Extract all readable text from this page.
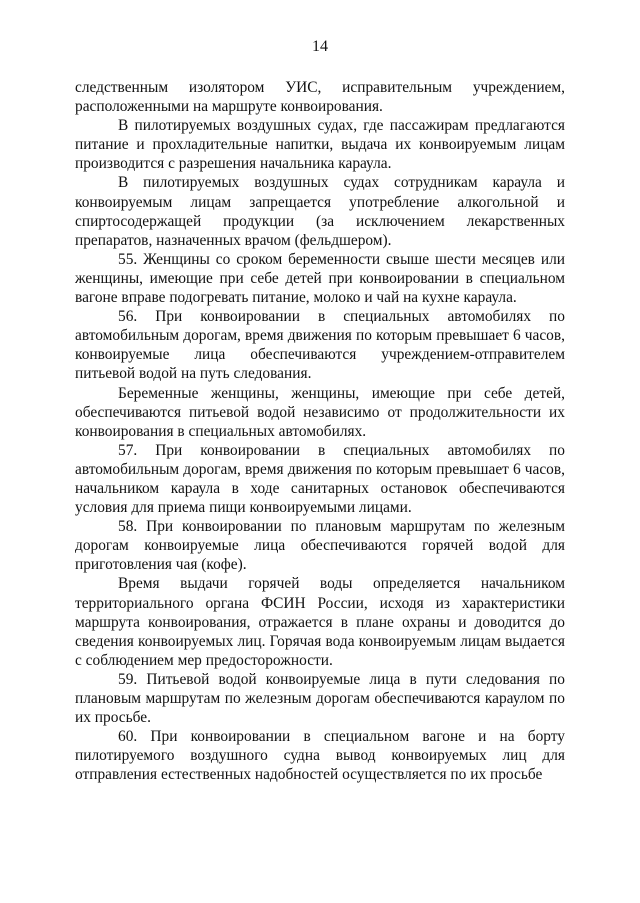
14

следственным изолятором УИС, исправительным учреждением, расположенными на маршруте конвоирования.

В пилотируемых воздушных судах, где пассажирам предлагаются питание и прохладительные напитки, выдача их конвоируемым лицам производится с разрешения начальника караула.

В пилотируемых воздушных судах сотрудникам караула и конвоируемым лицам запрещается употребление алкогольной и спиртосодержащей продукции (за исключением лекарственных препаратов, назначенных врачом (фельдшером).

55. Женщины со сроком беременности свыше шести месяцев или женщины, имеющие при себе детей при конвоировании в специальном вагоне вправе подогревать питание, молоко и чай на кухне караула.

56. При конвоировании в специальных автомобилях по автомобильным дорогам, время движения по которым превышает 6 часов, конвоируемые лица обеспечиваются учреждением-отправителем питьевой водой на путь следования.

Беременные женщины, женщины, имеющие при себе детей, обеспечиваются питьевой водой независимо от продолжительности их конвоирования в специальных автомобилях.

57. При конвоировании в специальных автомобилях по автомобильным дорогам, время движения по которым превышает 6 часов, начальником караула в ходе санитарных остановок обеспечиваются условия для приема пищи конвоируемыми лицами.

58. При конвоировании по плановым маршрутам по железным дорогам конвоируемые лица обеспечиваются горячей водой для приготовления чая (кофе).

Время выдачи горячей воды определяется начальником территориального органа ФСИН России, исходя из характеристики маршрута конвоирования, отражается в плане охраны и доводится до сведения конвоируемых лиц. Горячая вода конвоируемым лицам выдается с соблюдением мер предосторожности.

59. Питьевой водой конвоируемые лица в пути следования по плановым маршрутам по железным дорогам обеспечиваются караулом по их просьбе.

60. При конвоировании в специальном вагоне и на борту пилотируемого воздушного судна вывод конвоируемых лиц для отправления естественных надобностей осуществляется по их просьбе
